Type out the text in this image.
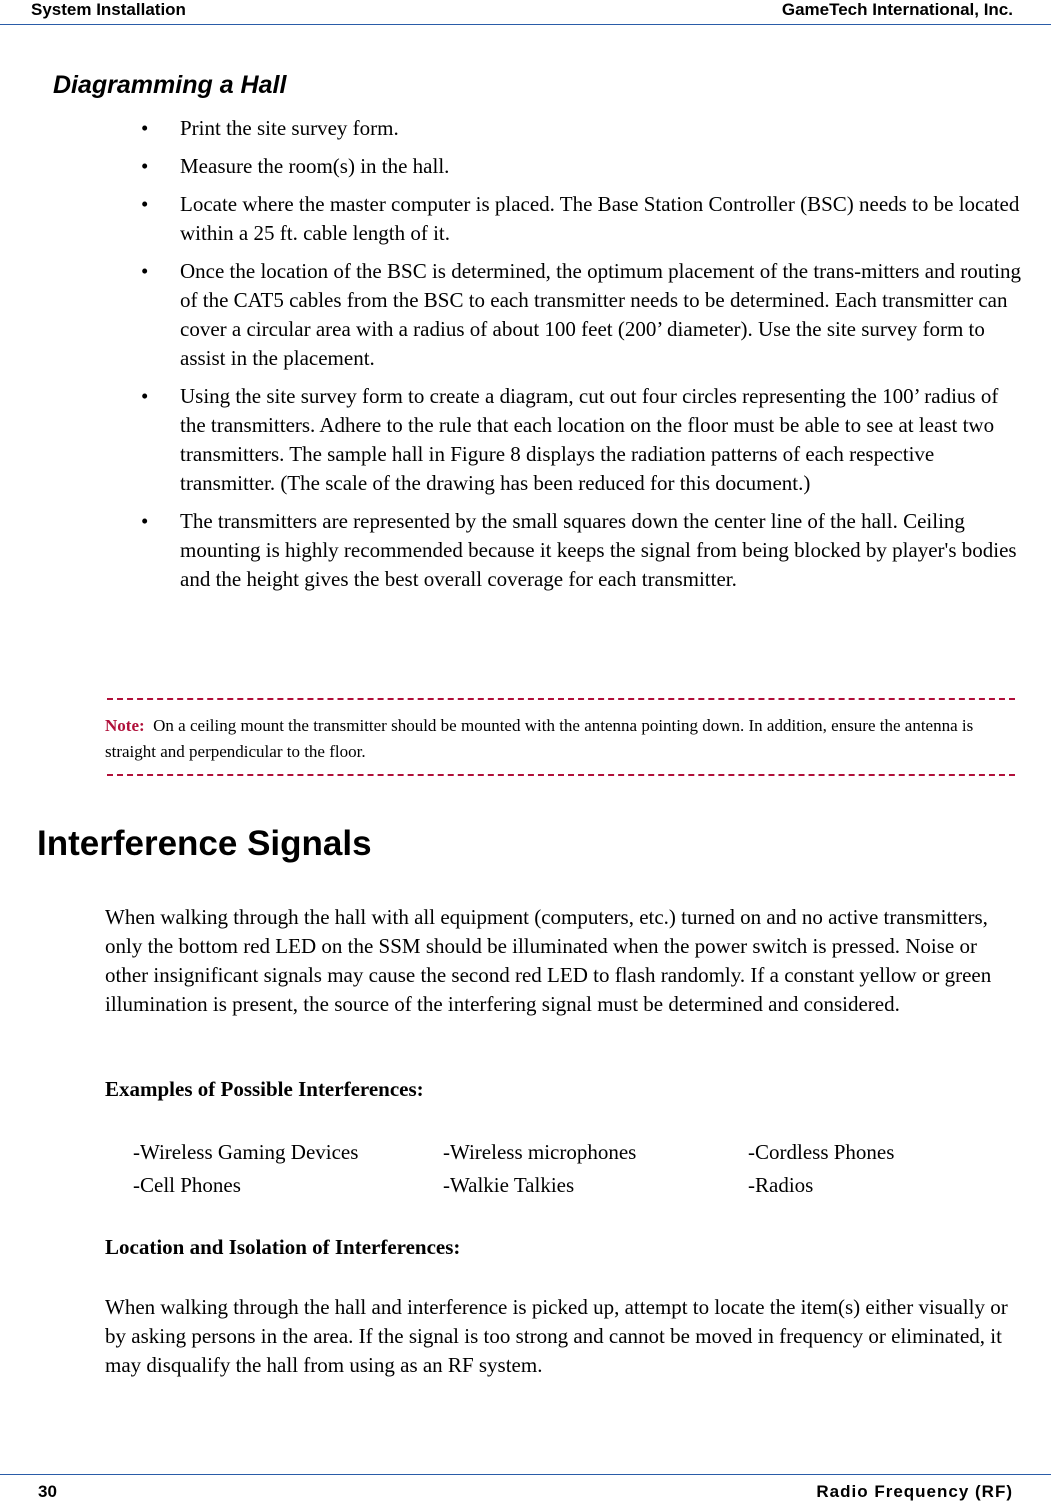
System Installation	GameTech International, Inc.
Diagramming a Hall
• Print the site survey form.
• Measure the room(s) in the hall.
• Locate where the master computer is placed. The Base Station Controller (BSC) needs to be located within a 25 ft. cable length of it.
• Once the location of the BSC is determined, the optimum placement of the trans-mitters and routing of the CAT5 cables from the BSC to each transmitter needs to be determined. Each transmitter can cover a circular area with a radius of about 100 feet (200’ diameter). Use the site survey form to assist in the placement.
• Using the site survey form to create a diagram, cut out four circles representing the 100’ radius of the transmitters. Adhere to the rule that each location on the floor must be able to see at least two transmitters. The sample hall in Figure 8 displays the radiation patterns of each respective transmitter. (The scale of the drawing has been reduced for this document.)
• The transmitters are represented by the small squares down the center line of the hall. Ceiling mounting is highly recommended because it keeps the signal from being blocked by player's bodies and the height gives the best overall coverage for each transmitter.
Note: On a ceiling mount the transmitter should be mounted with the antenna pointing down. In addition, ensure the antenna is straight and perpendicular to the floor.
Interference Signals

When walking through the hall with all equipment (computers, etc.) turned on and no active transmitters, only the bottom red LED on the SSM should be illuminated when the power switch is pressed. Noise or other insignificant signals may cause the second red LED to flash randomly. If a constant yellow or green illumination is present, the source of the interfering signal must be determined and considered.

Examples of Possible Interferences:
-Wireless Gaming Devices	-Wireless microphones	-Cordless Phones
-Cell Phones	-Walkie Talkies	-Radios
Location and Isolation of Interferences:

When walking through the hall and interference is picked up, attempt to locate the item(s) either visually or by asking persons in the area. If the signal is too strong and cannot be moved in frequency or eliminated, it may disqualify the hall from using as an RF system.

30	Radio Frequency (RF)
